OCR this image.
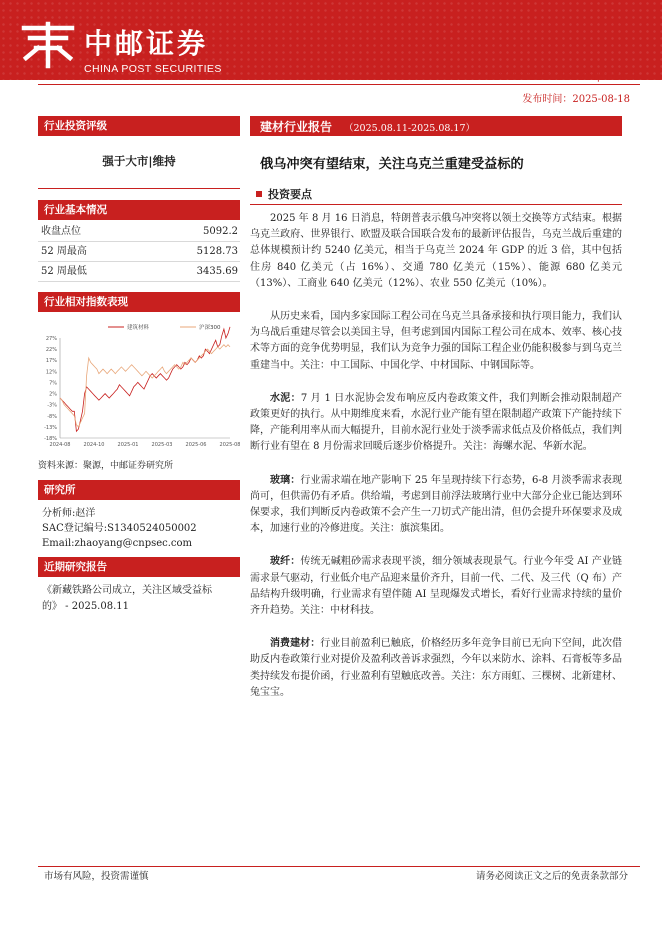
中邮证券
CHINA POST SECURITIES
证券研究报告：建筑材料|行业周报
发布时间：2025-08-18
行业投资评级
强于大市|维持
行业基本情况
收盘点位	5092.2
52 周最高	5128.73
52 周最低	3435.69
行业相对指数表现
27%
22%
17%
12%
7%
2%
-3%
-8%
-13%
-18%
2024-08	2024-10	2025-01	2025-03	2025-06	2025-08
建筑材料	沪深300
资料来源：聚源，中邮证券研究所
研究所
分析师:赵洋
SAC登记编号:S1340524050002
Email:zhaoyang@cnpsec.com
近期研究报告
《新藏铁路公司成立，关注区域受益标
的》 - 2025.08.11
建材行业报告 （2025.08.11-2025.08.17）
俄乌冲突有望结束，关注乌克兰重建受益标的
投资要点

2025 年 8 月 16 日消息，特朗普表示俄乌冲突将以领土交换等方式结束。根据乌克兰政府、世界银行、欧盟及联合国联合发布的最新评估报告，乌克兰战后重建的总体规模预计约 5240 亿美元，相当于乌克兰 2024 年 GDP 的近 3 倍，其中包括住房 840 亿美元（占 16%）、交通 780 亿美元（15%）、能源 680 亿美元（13%）、工商业 640 亿美元（12%）、农业 550 亿美元（10%）。

从历史来看，国内多家国际工程公司在乌克兰具备承接和执行项目能力，我们认为乌战后重建尽管会以美国主导，但考虑到国内国际工程公司在成本、效率、核心技术等方面的竞争优势明显，我们认为竞争力强的国际工程企业仍能积极参与到乌克兰重建当中。关注：中工国际、中国化学、中材国际、中钢国际等。

水泥：7 月 1 日水泥协会发布响应反内卷政策文件，我们判断会推动限制超产政策更好的执行。从中期维度来看，水泥行业产能有望在限制超产政策下产能持续下降，产能利用率从而大幅提升，目前水泥行业处于淡季需求低点及价格低点，我们判断行业有望在 8 月份需求回暖后逐步价格提升。关注：海螺水泥、华新水泥。

玻璃：行业需求端在地产影响下 25 年呈现持续下行态势，6-8 月淡季需求表现尚可，但供需仍有矛盾。供给端，考虑到目前浮法玻璃行业中大部分企业已能达到环保要求，我们判断反内卷政策不会产生一刀切式产能出清，但仍会提升环保要求及成本，加速行业的冷修进度。关注：旗滨集团。

玻纤：传统无碱粗砂需求表现平淡，细分领域表现景气。行业今年受 AI 产业链需求景气驱动，行业低介电产品迎来量价齐升，目前一代、二代、及三代（Q 布）产品结构升级明确，行业需求有望伴随 AI 呈现爆发式增长，看好行业需求持续的量价齐升趋势。关注：中材科技。

消费建材：行业目前盈利已触底，价格经历多年竞争目前已无向下空间，此次借助反内卷政策行业对提价及盈利改善诉求强烈，今年以来防水、涂料、石膏板等多品类持续发布提价函，行业盈利有望触底改善。关注：东方雨虹、三棵树、北新建材、兔宝宝。

市场有风险，投资需谨慎	请务必阅读正文之后的免责条款部分
